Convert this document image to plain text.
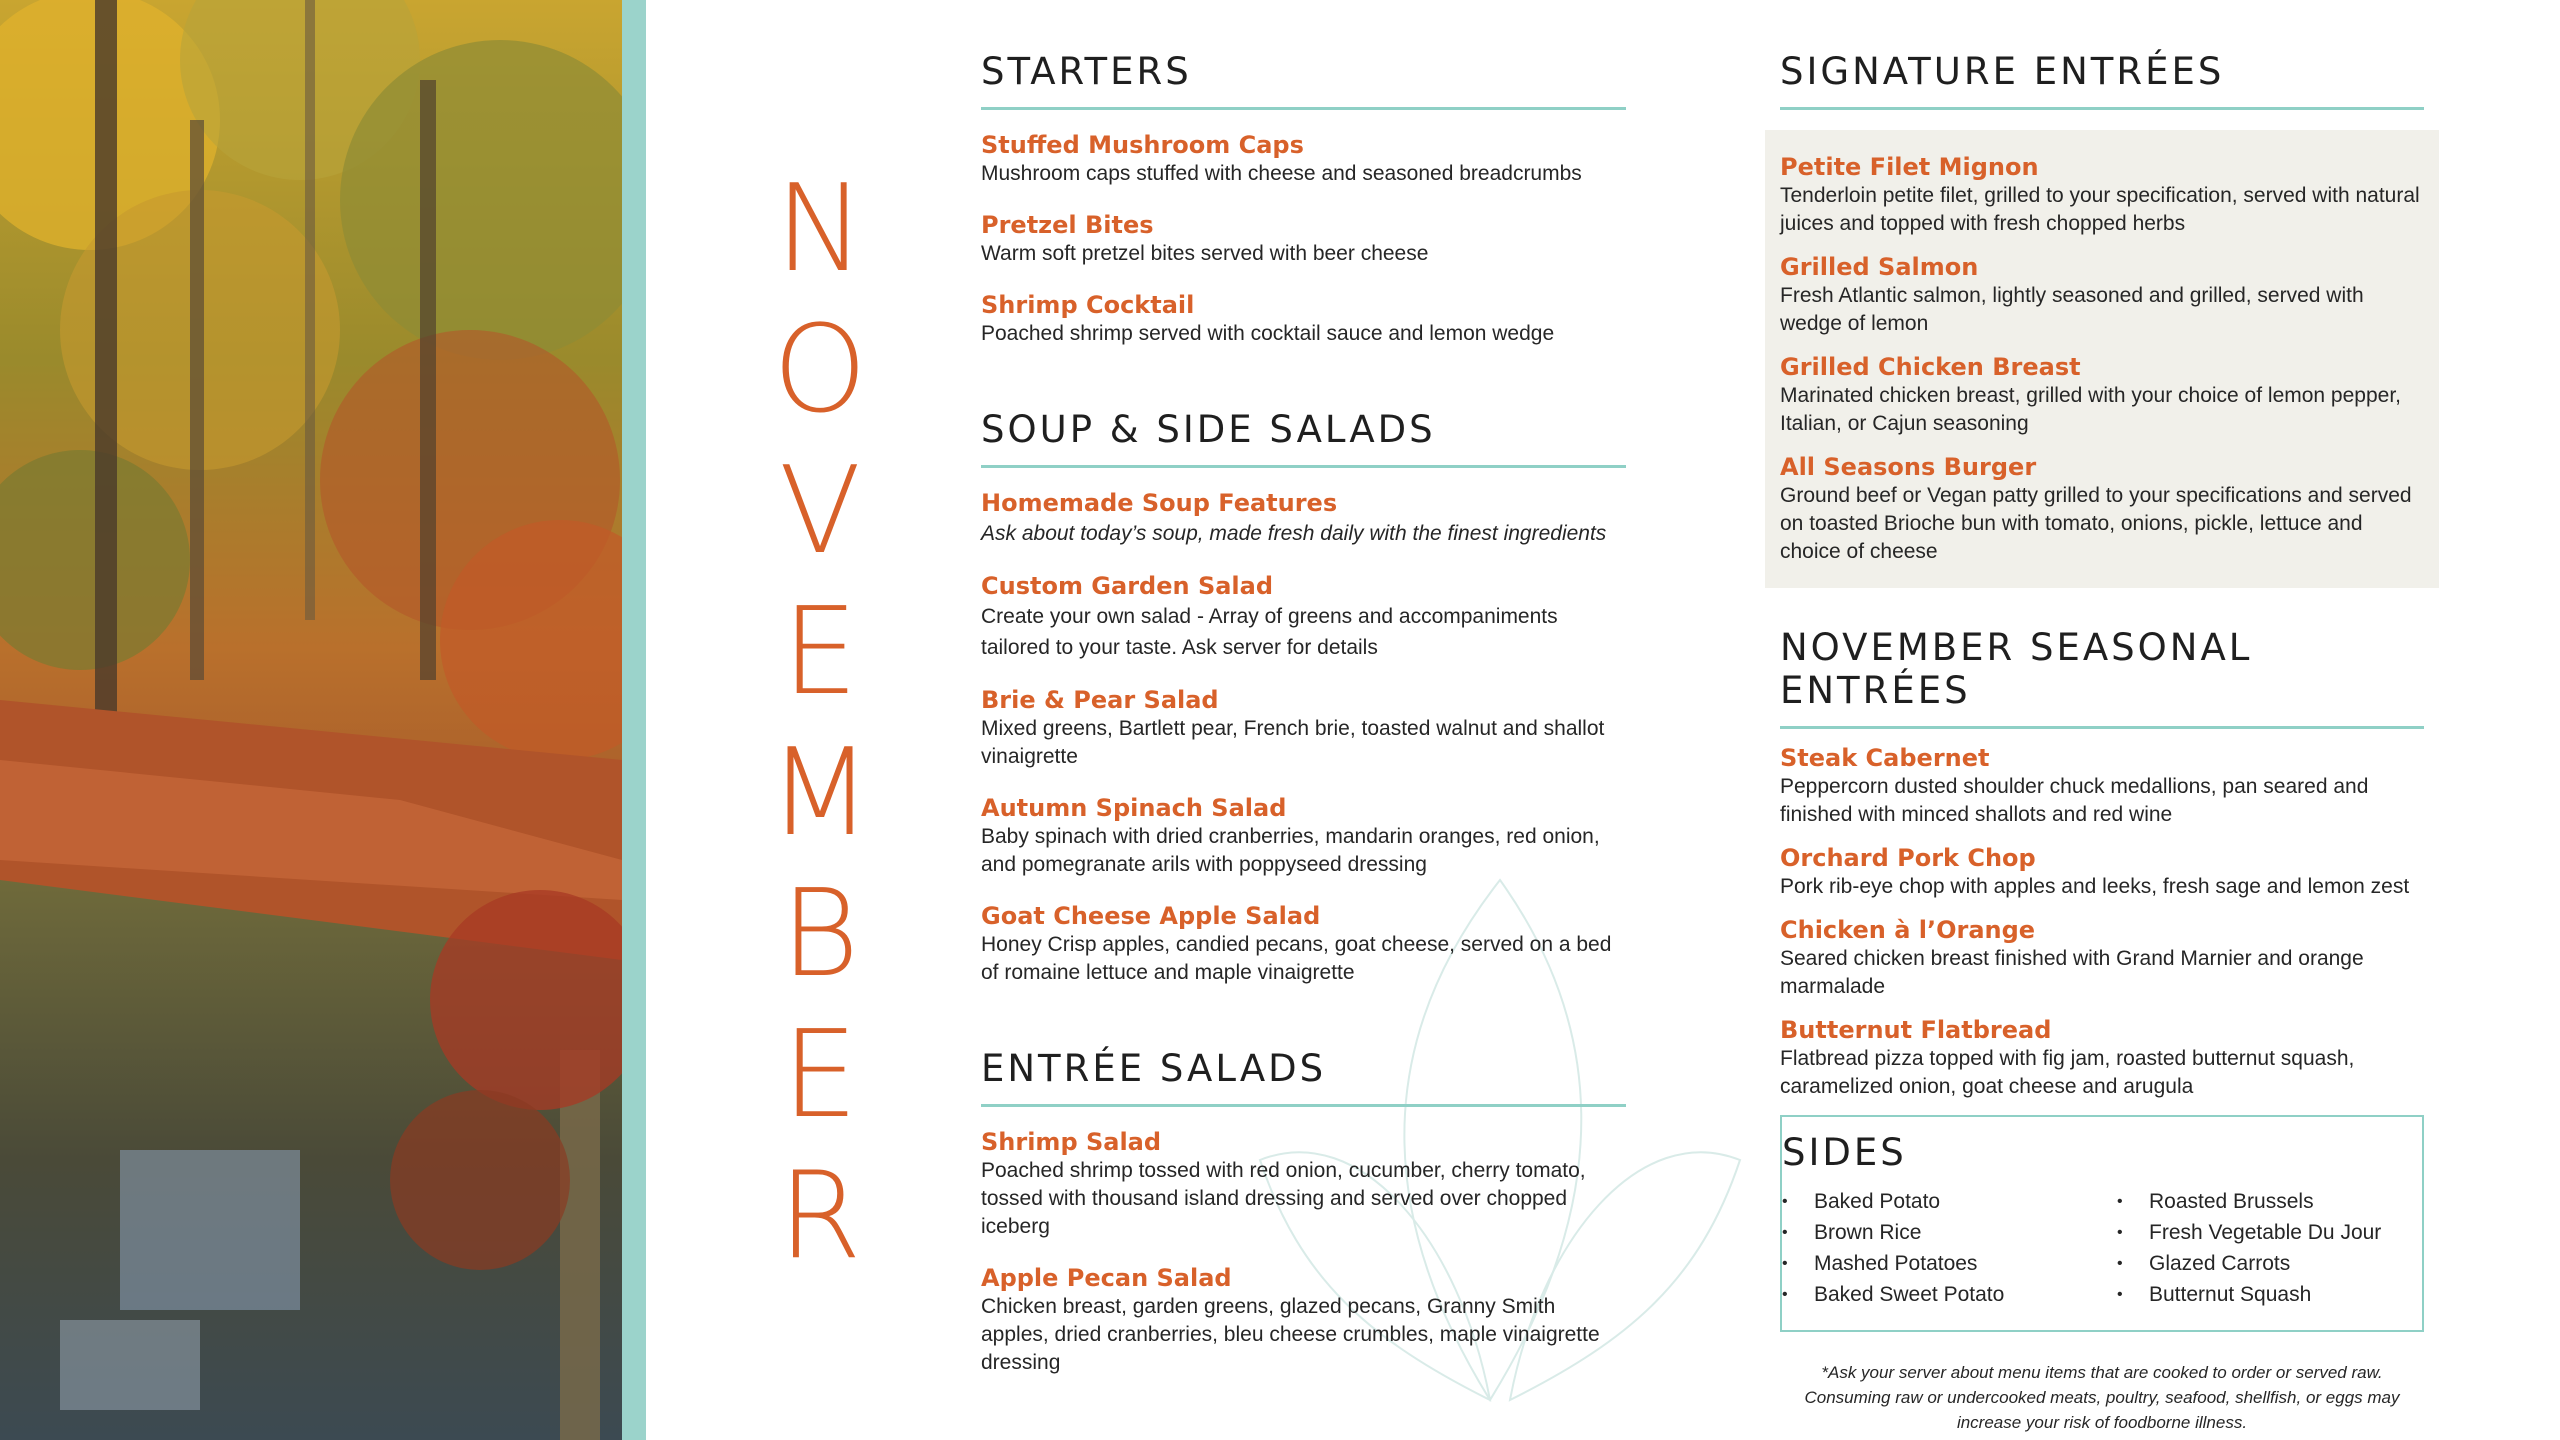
N
O
V
E
M
B
E
R
STARTERS
Stuffed Mushroom Caps
Mushroom caps stuffed with cheese and seasoned breadcrumbs
Pretzel Bites
Warm soft pretzel bites served with beer cheese
Shrimp Cocktail
Poached shrimp served with cocktail sauce and lemon wedge
SOUP & SIDE SALADS
Homemade Soup Features
Ask about today’s soup, made fresh daily with the finest ingredients
Custom Garden Salad
Create your own salad - Array of greens and accompaniments tailored to your taste. Ask server for details
Brie & Pear Salad
Mixed greens, Bartlett pear, French brie, toasted walnut and shallot vinaigrette
Autumn Spinach Salad
Baby spinach with dried cranberries, mandarin oranges, red onion, and pomegranate arils with poppyseed dressing
Goat Cheese Apple Salad
Honey Crisp apples, candied pecans, goat cheese, served on a bed of romaine lettuce and maple vinaigrette
ENTRÉE SALADS
Shrimp Salad
Poached shrimp tossed with red onion, cucumber, cherry tomato, tossed with thousand island dressing and served over chopped iceberg
Apple Pecan Salad
Chicken breast, garden greens, glazed pecans, Granny Smith apples, dried cranberries, bleu cheese crumbles, maple vinaigrette dressing
SIGNATURE ENTRÉES
Petite Filet Mignon
Tenderloin petite filet, grilled to your specification, served with natural juices and topped with fresh chopped herbs
Grilled Salmon
Fresh Atlantic salmon, lightly seasoned and grilled, served with wedge of lemon
Grilled Chicken Breast
Marinated chicken breast, grilled with your choice of lemon pepper, Italian, or Cajun seasoning
All Seasons Burger
Ground beef or Vegan patty grilled to your specifications and served on toasted Brioche bun with tomato, onions, pickle, lettuce and choice of cheese
NOVEMBER SEASONAL ENTRÉES
Steak Cabernet
Peppercorn dusted shoulder chuck medallions, pan seared and finished with minced shallots and red wine
Orchard Pork Chop
Pork rib-eye chop with apples and leeks, fresh sage and lemon zest
Chicken à l’Orange
Seared chicken breast finished with Grand Marnier and orange marmalade
Butternut Flatbread
Flatbread pizza topped with fig jam, roasted butternut squash, caramelized onion, goat cheese and arugula
SIDES
•	Baked Potato
•	Brown Rice
•	Mashed Potatoes
•	Baked Sweet Potato
•	Roasted Brussels
•	Fresh Vegetable Du Jour
•	Glazed Carrots
•	Butternut Squash
*Ask your server about menu items that are cooked to order or served raw. Consuming raw or undercooked meats, poultry, seafood, shellfish, or eggs may increase your risk of foodborne illness.
